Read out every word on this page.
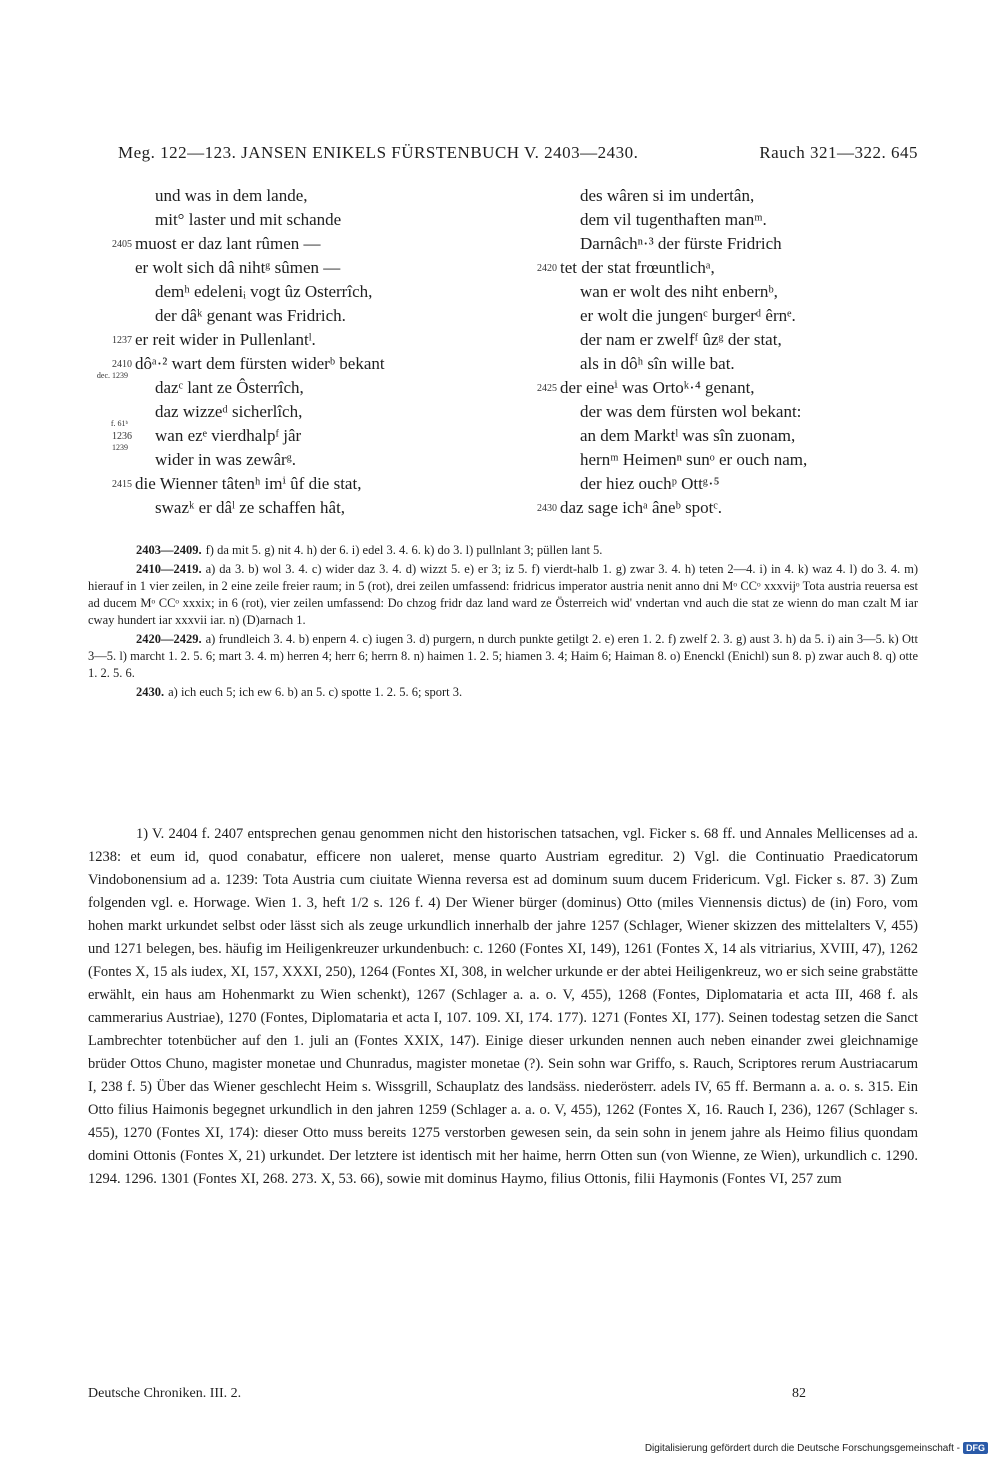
Meg. 122—123. JANSEN ENIKELS FÜRSTENBUCH V. 2403—2430.	Rauch 321—322. 645
und was in dem lande,
mit° laster und mit schande
2405 muost er daz lant rûmen —
er wolt sich dâ nihtᵍ sûmen —
demʰ edeleniᵢ vogt ûz Osterrîch,
der dâᵏ genant was Fridrich.
1237 er reit wider in Pullenlantˡ.
2410 dôᵃ·² wart dem fürsten widerᵇ bekant
dec. 1239
dazᶜ lant ze Ôsterrîch,
daz wizzeᵈ sicherlîch,
1236
f. 61ᵇ
wan ezᵉ vierdhalpᶠ jâr
1239
wider in was zewârᵍ.
2415 die Wienner tâtenʰ imⁱ ûf die stat,
swazᵏ er dâˡ ze schaffen hât,
des wâren si im undertân,
dem vil tugenthaften manᵐ.
Darnâchⁿ·³ der fürste Fridrich
2420 tet der stat frœuntlichᵃ,
wan er wolt des niht enbernᵇ,
er wolt die jungenᶜ burgerᵈ êrnᵉ.
der nam er zwelfᶠ ûzᵍ der stat,
als in dôʰ sîn wille bat.
2425 der eineⁱ was Ortoᵏ·⁴ genant,
der was dem fürsten wol bekant:
an dem Marktˡ was sîn zuonam,
hernᵐ Heimenⁿ sunᵒ er ouch nam,
der hiez ouchᵖ Ottᵍ·⁵
2430 daz sage ichᵃ âneᵇ spotᶜ.

2403—2409. f) da mit 5. g) nit 4. h) der 6. i) edel 3. 4. 6. k) do 3. l) pullnlant 3; püllen lant 5.

2410—2419. a) da 3. b) wol 3. 4. c) wider daz 3. 4. d) wizzt 5. e) er 3; iz 5. f) vierdt-halb 1. g) zwar 3. 4. h) teten 2—4. i) in 4. k) waz 4. l) do 3. 4. m) hierauf in 1 vier zeilen, in 2 eine zeile freier raum; in 5 (rot), drei zeilen umfassend: fridricus imperator austria nenit anno dni Mᵒ CCᵒ xxxvijᵒ Tota austria reuersa est ad ducem Mᵒ CCᵒ xxxix; in 6 (rot), vier zeilen umfassend: Do chzog fridr daz land ward ze Österreich wid' vndertan vnd auch die stat ze wienn do man czalt M iar cway hundert iar xxxvii iar. n) (D)arnach 1.

2420—2429. a) frundleich 3. 4. b) enpern 4. c) iugen 3. d) purgern, n durch punkte getilgt 2. e) eren 1. 2. f) zwelf 2. 3. g) aust 3. h) da 5. i) ain 3—5. k) Ott 3—5. l) marcht 1. 2. 5. 6; mart 3. 4. m) herren 4; herr 6; herrn 8. n) haimen 1. 2. 5; hiamen 3. 4; Haim 6; Haiman 8. o) Enenckl (Enichl) sun 8. p) zwar auch 8. q) otte 1. 2. 5. 6.

2430. a) ich euch 5; ich ew 6. b) an 5. c) spotte 1. 2. 5. 6; sport 3.

1) V. 2404 f. 2407 entsprechen genau genommen nicht den historischen tatsachen, vgl. Ficker s. 68 ff. und Annales Mellicenses ad a. 1238: et eum id, quod conabatur, efficere non ualeret, mense quarto Austriam egreditur. 2) Vgl. die Continuatio Praedicatorum Vindobonensium ad a. 1239: Tota Austria cum ciuitate Wienna reversa est ad dominum suum ducem Fridericum. Vgl. Ficker s. 87. 3) Zum folgenden vgl. e. Horwage. Wien 1. 3, heft 1/2 s. 126 f. 4) Der Wiener bürger (dominus) Otto (miles Viennensis dictus) de (in) Foro, vom hohen markt urkundet selbst oder lässt sich als zeuge urkundlich innerhalb der jahre 1257 (Schlager, Wiener skizzen des mittelalters V, 455) und 1271 belegen, bes. häufig im Heiligenkreuzer urkundenbuch: c. 1260 (Fontes XI, 149), 1261 (Fontes X, 14 als vitriarius, XVIII, 47), 1262 (Fontes X, 15 als iudex, XI, 157, XXXI, 250), 1264 (Fontes XI, 308, in welcher urkunde er der abtei Heiligenkreuz, wo er sich seine grabstätte erwählt, ein haus am Hohenmarkt zu Wien schenkt), 1267 (Schlager a. a. o. V, 455), 1268 (Fontes, Diplomataria et acta III, 468 f. als cammerarius Austriae), 1270 (Fontes, Diplomataria et acta I, 107. 109. XI, 174. 177). 1271 (Fontes XI, 177). Seinen todestag setzen die Sanct Lambrechter totenbücher auf den 1. juli an (Fontes XXIX, 147). Einige dieser urkunden nennen auch neben einander zwei gleichnamige brüder Ottos Chuno, magister monetae und Chunradus, magister monetae (?). Sein sohn war Griffo, s. Rauch, Scriptores rerum Austriacarum I, 238 f. 5) Über das Wiener geschlecht Heim s. Wissgrill, Schauplatz des landsäss. niederösterr. adels IV, 65 ff. Bermann a. a. o. s. 315. Ein Otto filius Haimonis begegnet urkundlich in den jahren 1259 (Schlager a. a. o. V, 455), 1262 (Fontes X, 16. Rauch I, 236), 1267 (Schlager s. 455), 1270 (Fontes XI, 174): dieser Otto muss bereits 1275 verstorben gewesen sein, da sein sohn in jenem jahre als Heimo filius quondam domini Ottonis (Fontes X, 21) urkundet. Der letztere ist identisch mit her haime, herrn Otten sun (von Wienne, ze Wien), urkundlich c. 1290. 1294. 1296. 1301 (Fontes XI, 268. 273. X, 53. 66), sowie mit dominus Haymo, filius Ottonis, filii Haymonis (Fontes VI, 257 zum

Deutsche Chroniken. III. 2.	82
Digitalisierung gefördert durch die Deutsche Forschungsgemeinschaft - DFG
